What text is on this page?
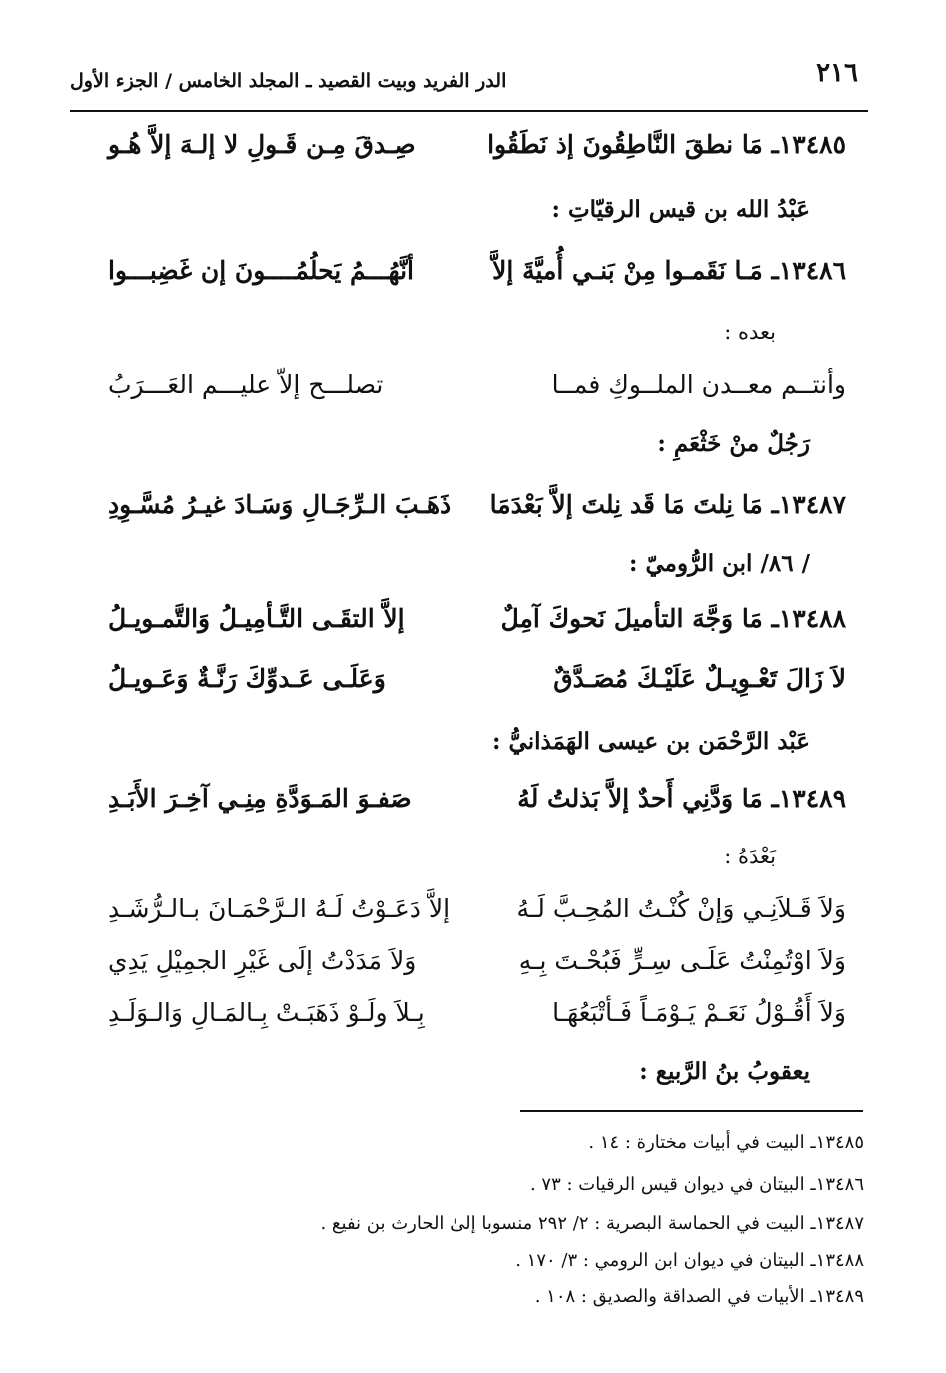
٢١٦
الدر الفريد وبيت القصيد ـ المجلد الخامس / الجزء الأول
١٣٤٨٥ـ مَا نطقَ النَّاطِقُونَ إذ نَطَقُوا
صِـدقَ مِـن قَـولِ لا إلـهَ إلاَّ هُـو
عَبْدُ الله بن قيس الرقيّاتِ :
١٣٤٨٦ـ مَـا نَقَمـوا مِنْ بَنـي أُميَّةَ إلاَّ
أنَّهُـــمُ يَحلُمُــــونَ إن غَضِبـــوا
بعده :
وأنتــم معــدن الملــوكِ فمــا
تصلـــح إلاّ عليـــم العَـــرَبُ
رَجُلٌ منْ خَثْعَمِ :
١٣٤٨٧ـ مَا نِلتَ مَا قَد نِلتَ إلاَّ بَعْدَمَا
ذَهَـبَ الـرِّجَـالِ وَسَـادَ غيـرُ مُسَّـوِدِ
/ ٨٦/ ابن الرُّوميّ :
١٣٤٨٨ـ مَا وَجَّهَ التأميلَ نَحوكَ آمِلٌ
إلاَّ التقَـى التَّـأمِيـلُ وَالتَّمـويـلُ
لاَ زَالَ تَعْـوِيـلٌ عَلَيْـكَ مُصَـدَّقٌ
وَعَلَـى عَـدوِّكَ رَنَّـةٌ وَعَـويـلُ
عَبْد الرَّحْمَن بن عيسى الهَمَذانيُّ :
١٣٤٨٩ـ مَا وَدَّنِي أَحدٌ إلاَّ بَذلتُ لَهُ
صَفـوَ المَـوَدَّةِ مِنِـي آخِـرَ الأَبَـدِ
بَعْدَهُ :
وَلاَ قَـلاَنِـي وَإنْ كُنْـتُ المُحِـبَّ لَـهُ
إلاَّ دَعَـوْتُ لَـهُ الـرَّحْمَـانَ بـالـرُّشَـدِ
وَلاَ اوْتُمِنْتُ عَلَـى سِـرٍّ فَبُحْـتَ بِـهِ
وَلاَ مَدَدْتُ إلَى غَيْرِ الجمِيْلِ يَدِي
وَلاَ أَقُـوْلُ نَعَـمْ يَـوْمَـاً فَـأتْبَعُهَـا
بِـلاَ ولَـوْ ذَهَبَـتْ بِـالمَـالِ وَالـوَلَـدِ
يعقوبُ بنُ الرَّبيع :
١٣٤٨٥ـ البيت في أبيات مختارة : ١٤ .
١٣٤٨٦ـ البيتان في ديوان قيس الرقيات : ٧٣ .
١٣٤٨٧ـ البيت في الحماسة البصرية : ٢/ ٢٩٢ منسوبا إلىٰ الحارث بن نفيع .
١٣٤٨٨ـ البيتان في ديوان ابن الرومي : ٣/ ١٧٠ .
١٣٤٨٩ـ الأبيات في الصداقة والصديق : ١٠٨ .
